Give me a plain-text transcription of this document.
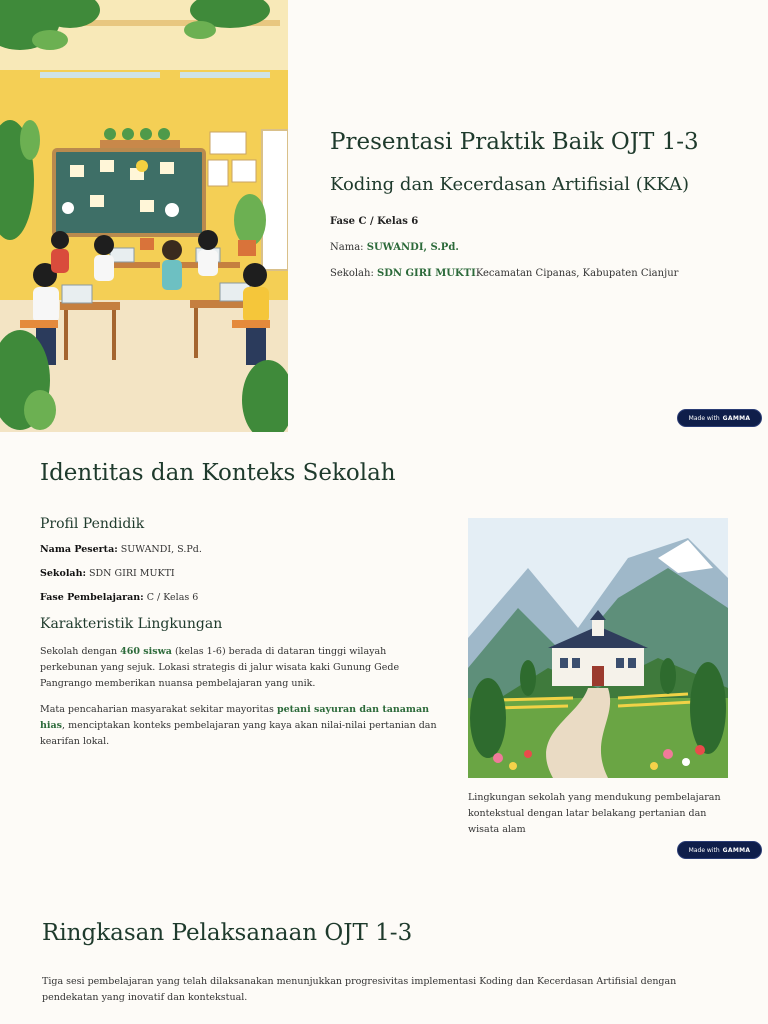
Presentasi Praktik Baik OJT 1-3
Koding dan Kecerdasan Artifisial (KKA)

Fase C / Kelas 6

Nama: SUWANDI, S.Pd.

Sekolah: SDN GIRI MUKTIKecamatan Cipanas, Kabupaten Cianjur

Made with GAMMA
Identitas dan Konteks Sekolah
Profil Pendidik

Nama Peserta: SUWANDI, S.Pd.

Sekolah: SDN GIRI MUKTI

Fase Pembelajaran: C / Kelas 6

Karakteristik Lingkungan

Sekolah dengan 460 siswa (kelas 1-6) berada di dataran tinggi wilayah perkebunan yang sejuk. Lokasi strategis di jalur wisata kaki Gunung Gede Pangrango memberikan nuansa pembelajaran yang unik.

Mata pencaharian masyarakat sekitar mayoritas petani sayuran dan tanaman hias, menciptakan konteks pembelajaran yang kaya akan nilai-nilai pertanian dan kearifan lokal.

Lingkungan sekolah yang mendukung pembelajaran kontekstual dengan latar belakang pertanian dan wisata alam

Made with GAMMA
Ringkasan Pelaksanaan OJT 1-3

Tiga sesi pembelajaran yang telah dilaksanakan menunjukkan progresivitas implementasi Koding dan Kecerdasan Artifisial dengan pendekatan yang inovatif dan kontekstual.
